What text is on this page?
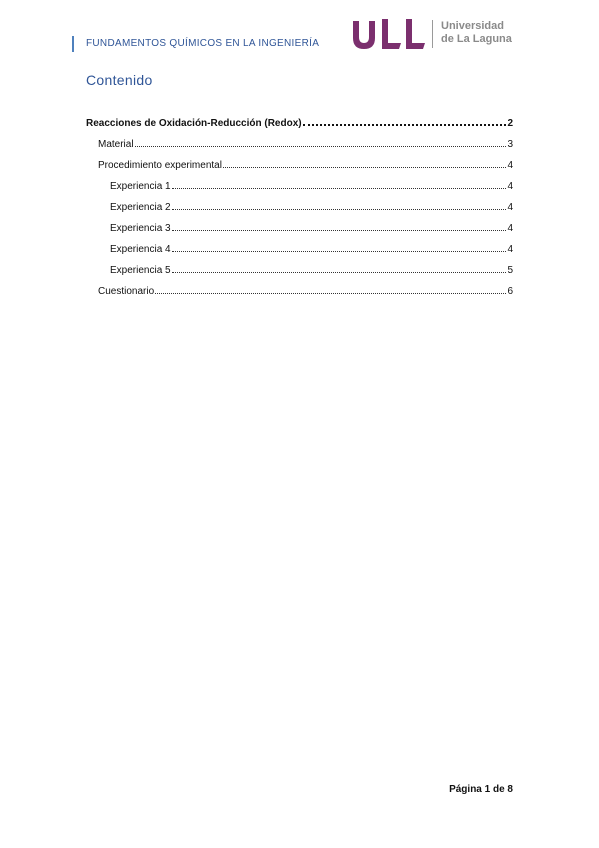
FUNDAMENTOS QUÍMICOS EN LA INGENIERÍA
Universidad
de La Laguna
Contenido
Reacciones de Oxidación-Reducción (Redox)	2
Material	3
Procedimiento experimental	4
Experiencia 1	4
Experiencia 2	4
Experiencia 3	4
Experiencia 4	4
Experiencia 5	5
Cuestionario	6
Página 1 de 8
